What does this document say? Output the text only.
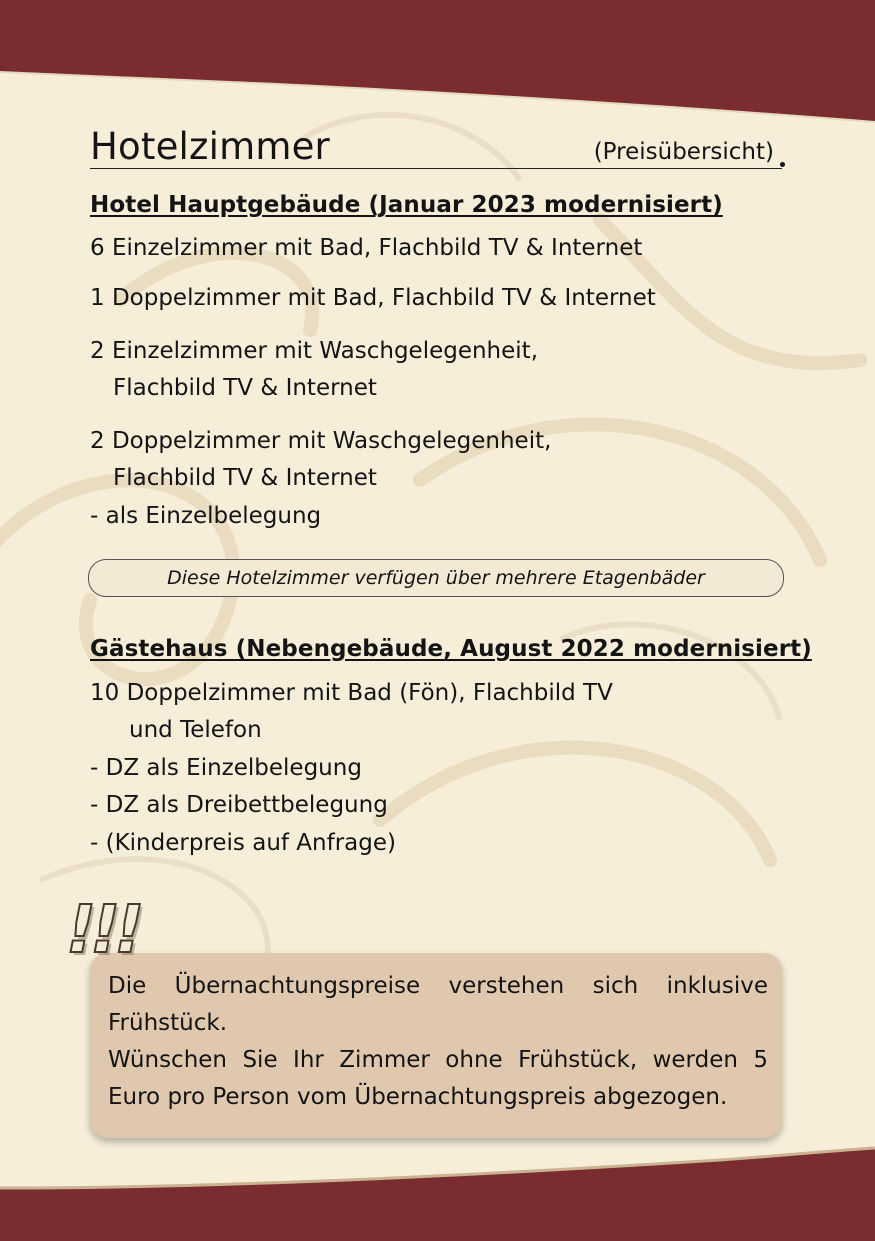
Hotelzimmer	(Preisübersicht)
Hotel Hauptgebäude (Januar 2023 modernisiert)
6 Einzelzimmer mit Bad, Flachbild TV & Internet
1 Doppelzimmer mit Bad, Flachbild TV & Internet
2 Einzelzimmer mit Waschgelegenheit,
Flachbild TV & Internet
2 Doppelzimmer mit Waschgelegenheit,
Flachbild TV & Internet
- als Einzelbelegung
Diese Hotelzimmer verfügen über mehrere Etagenbäder
Gästehaus (Nebengebäude, August 2022 modernisiert)
10 Doppelzimmer mit Bad (Fön), Flachbild TV
und Telefon
- DZ als Einzelbelegung
- DZ als Dreibettbelegung
- (Kinderpreis auf Anfrage)
Die Übernachtungspreise verstehen sich inklusive Frühstück.
Wünschen Sie Ihr Zimmer ohne Frühstück, werden 5 Euro pro Person vom Übernachtungspreis abgezogen.
!!!
